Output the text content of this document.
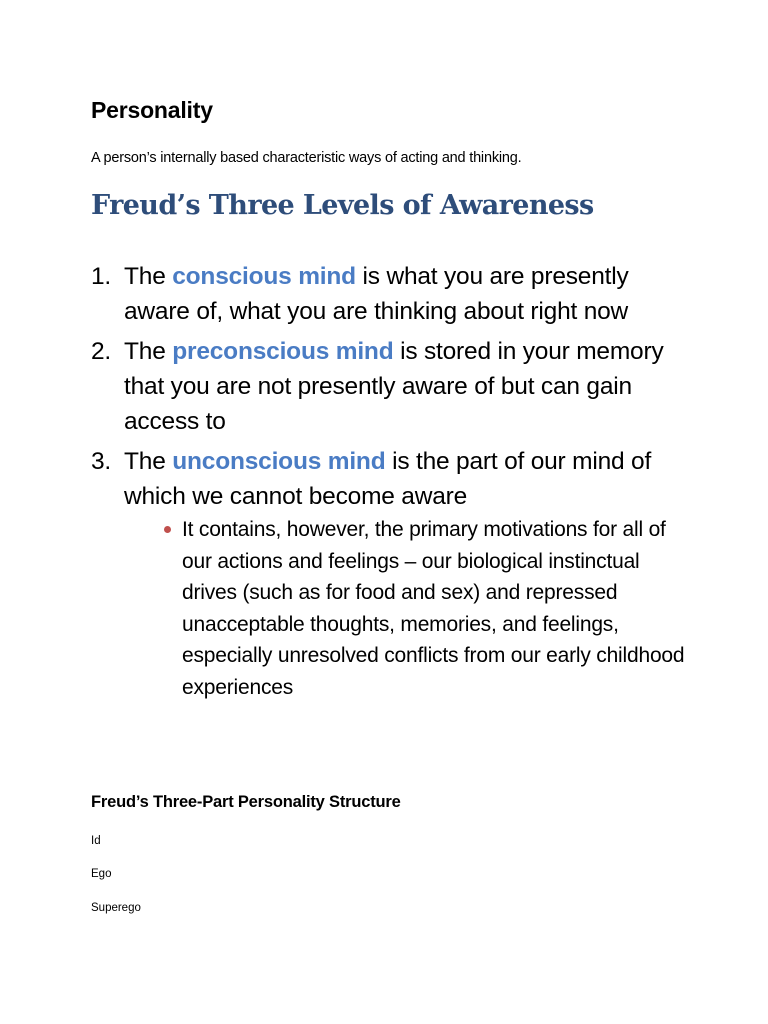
Personality
A person’s internally based characteristic ways of acting and thinking.
Freud’s Three Levels of Awareness
1. The conscious mind is what you are presently aware of, what you are thinking about right now
2. The preconscious mind is stored in your memory that you are not presently aware of but can gain access to
3. The unconscious mind is the part of our mind of which we cannot become aware
It contains, however, the primary motivations for all of our actions and feelings – our biological instinctual drives (such as for food and sex) and repressed unacceptable thoughts, memories, and feelings, especially unresolved conflicts from our early childhood experiences
Freud’s Three-Part Personality Structure
Id
Ego
Superego
